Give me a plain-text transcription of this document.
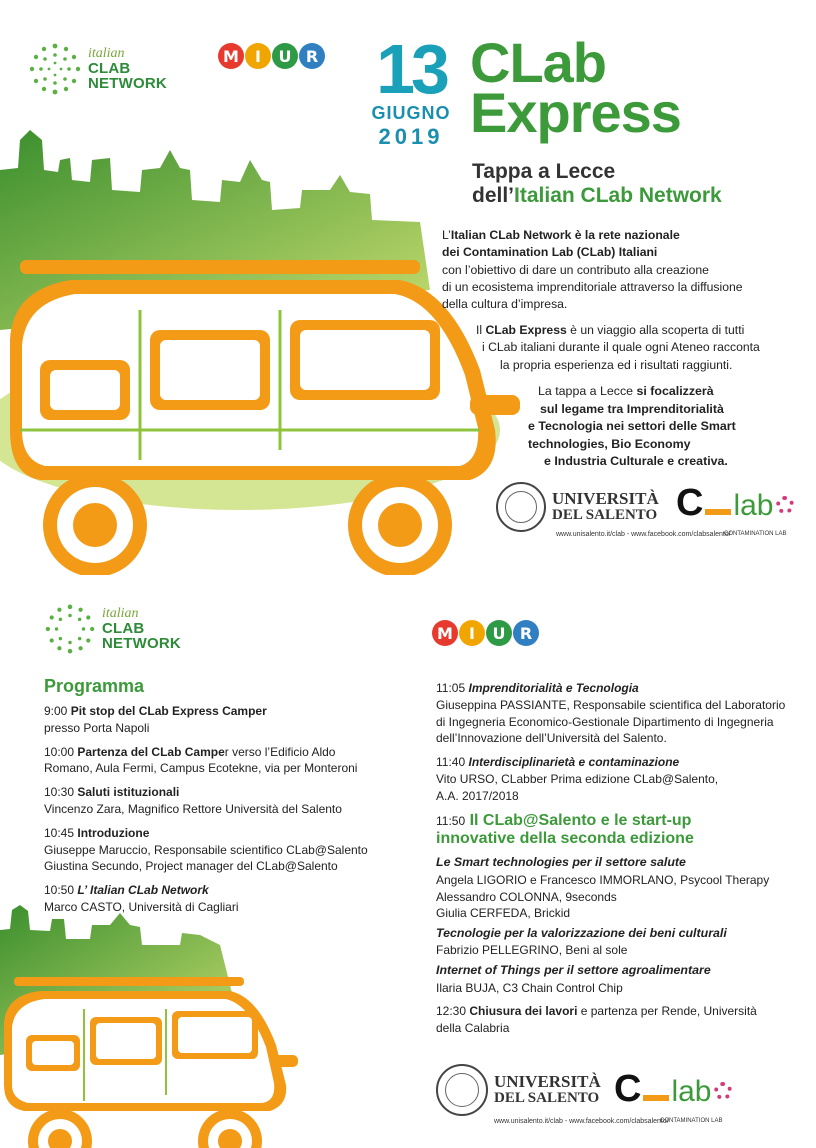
italian
CLAB
NETWORK
M	I	U R 13
GIUGNO
2019
CLab
Express
Tappa a Lecce
dell’Italian CLab Network
L’Italian CLab Network è la rete nazionale
dei Contamination Lab (CLab) Italiani
con l’obiettivo di dare un contributo alla creazione
di un ecosistema imprenditoriale attraverso la diffusione
della cultura d’impresa.
Il CLab Express è un viaggio alla scoperta di tutti
i CLab italiani durante il quale ogni Ateneo racconta
la propria esperienza ed i risultati raggiunti.
La tappa a Lecce si focalizzerà
sul legame tra Imprenditorialità
e Tecnologia nei settori delle Smart
technologies, Bio Economy
e Industria Culturale e creativa.
UNIVERSITÀ
DEL SALENTO C lab
www.unisalento.it/clab - www.facebook.com/clabsalento/
CONTAMINATION LAB
italian
CLAB
NETWORK
M	I	U R
Programma
9:00 Pit stop del CLab Express Camper
presso Porta Napoli
10:00 Partenza del CLab Camper verso l’Edificio Aldo
Romano, Aula Fermi, Campus Ecotekne, via per Monteroni
10:30 Saluti istituzionali
Vincenzo Zara, Magnifico Rettore Università del Salento
10:45 Introduzione
Giuseppe Maruccio, Responsabile scientifico CLab@Salento
Giustina Secundo, Project manager del CLab@Salento
10:50 L’ Italian CLab Network
Marco CASTO, Università di Cagliari
11:05 Imprenditorialità e Tecnologia
Giuseppina PASSIANTE, Responsabile scientifica del Laboratorio
di Ingegneria Economico-Gestionale Dipartimento di Ingegneria
dell’Innovazione dell’Università del Salento.
11:40 Interdisciplinarietà e contaminazione
Vito URSO, CLabber Prima edizione CLab@Salento,
A.A. 2017/2018
11:50 Il CLab@Salento e le start-up
innovative della seconda edizione
Le Smart technologies per il settore salute
Angela LIGORIO e Francesco IMMORLANO, Psycool Therapy
Alessandro COLONNA, 9seconds
Giulia CERFEDA, Brickid
Tecnologie per la valorizzazione dei beni culturali
Fabrizio PELLEGRINO, Beni al sole
Internet of Things per il settore agroalimentare
Ilaria BUJA, C3 Chain Control Chip
12:30 Chiusura dei lavori e partenza per Rende, Università
della Calabria
UNIVERSITÀ
DEL SALENTO C lab
www.unisalento.it/clab - www.facebook.com/clabsalento/
CONTAMINATION LAB
